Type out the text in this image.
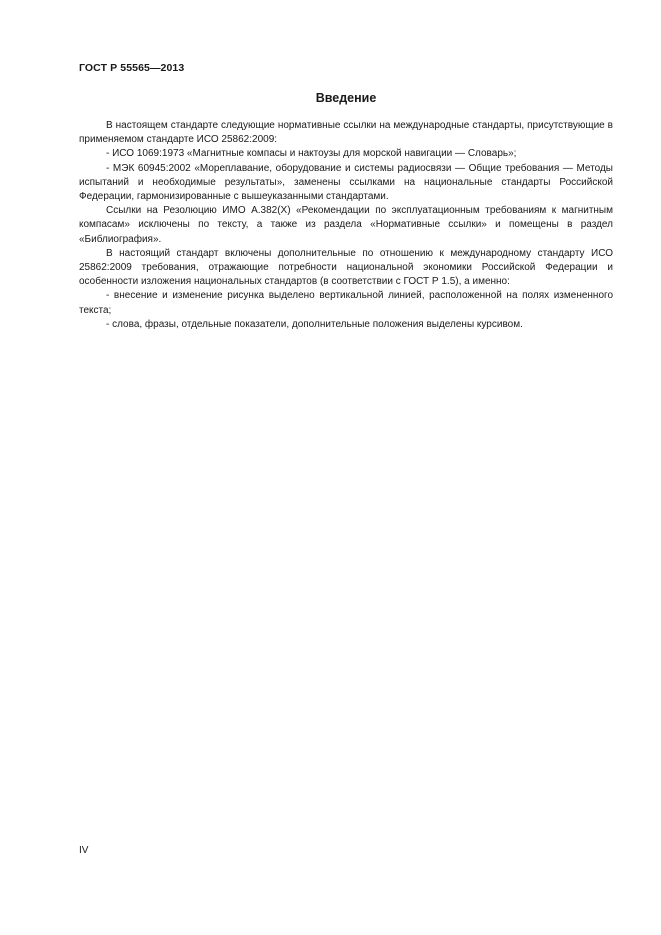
ГОСТ Р 55565—2013
Введение

В настоящем стандарте следующие нормативные ссылки на международные стандарты, присутствующие в применяемом стандарте ИСО 25862:2009:

- ИСО 1069:1973 «Магнитные компасы и нактоузы для морской навигации — Словарь»;

- МЭК 60945:2002 «Мореплавание, оборудование и системы радиосвязи — Общие требования — Методы испытаний и необходимые результаты», заменены ссылками на национальные стандарты Российской Федерации, гармонизированные с вышеуказанными стандартами.

Ссылки на Резолюцию ИМО А.382(Х) «Рекомендации по эксплуатационным требованиям к магнитным компасам» исключены по тексту, а также из раздела «Нормативные ссылки» и помещены в раздел «Библиография».

В настоящий стандарт включены дополнительные по отношению к международному стандарту ИСО 25862:2009 требования, отражающие потребности национальной экономики Российской Федерации и особенности изложения национальных стандартов (в соответствии с ГОСТ Р 1.5), а именно:

- внесение и изменение рисунка выделено вертикальной линией, расположенной на полях измененного текста;

- слова, фразы, отдельные показатели, дополнительные положения выделены курсивом.

IV
